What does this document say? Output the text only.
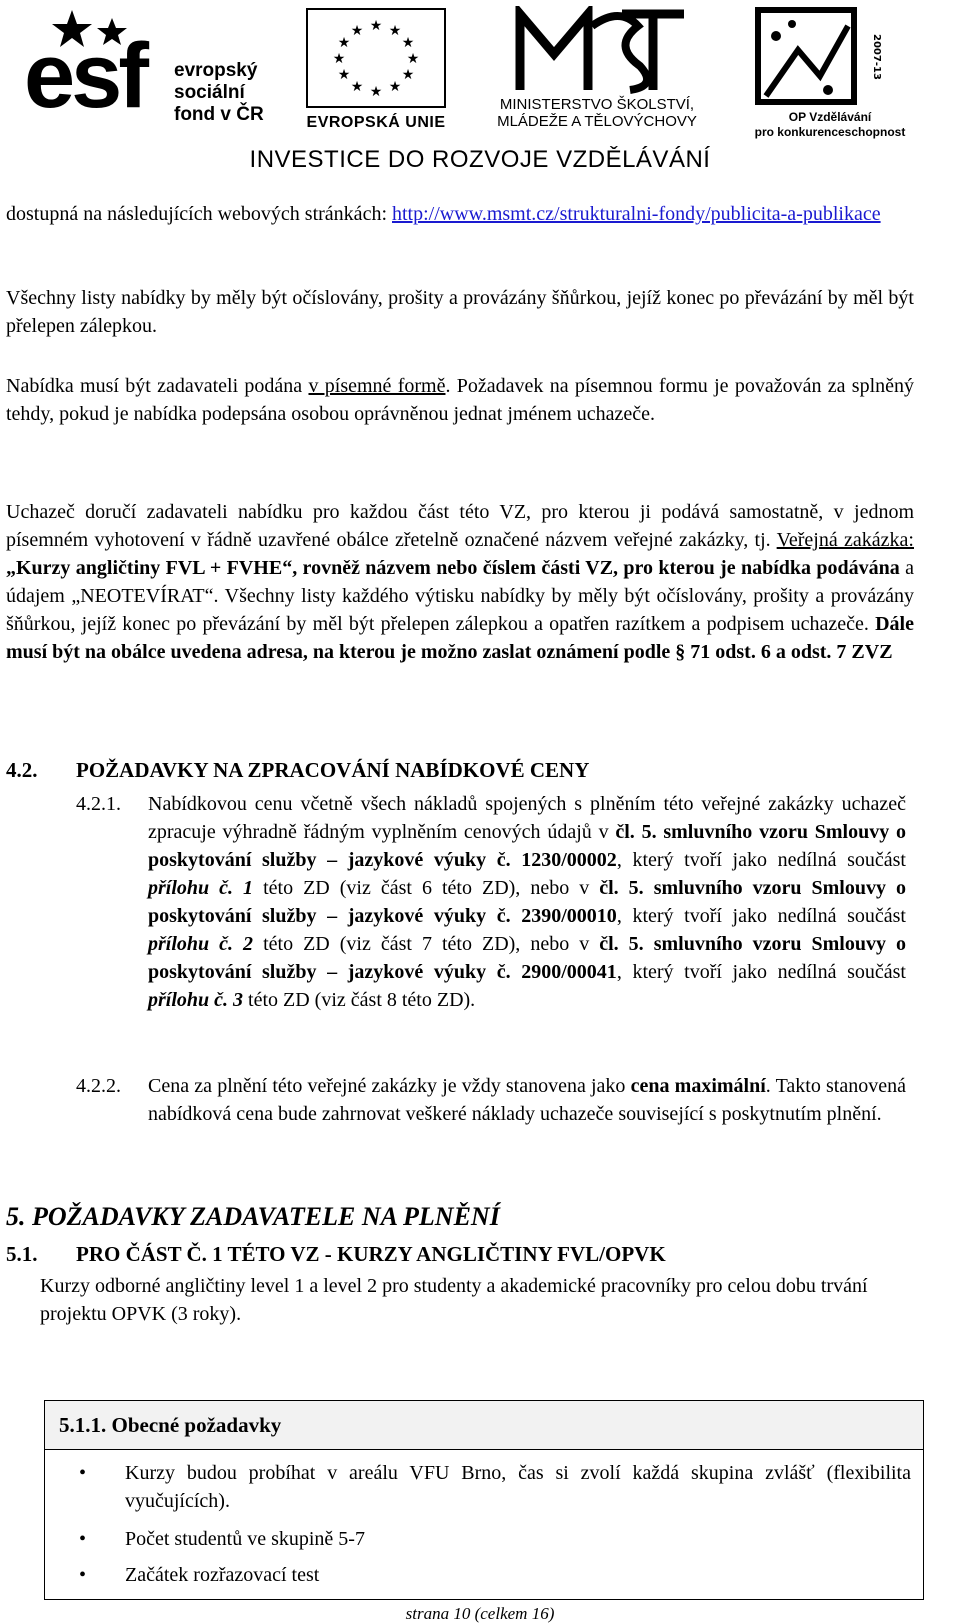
esf evropský
sociální
fond v ČR
★ ★
★
★
★
★
★
★
★
★
★
★
EVROPSKÁ UNIE
MINISTERSTVO ŠKOLSTVÍ,
MLÁDEŽE A TĚLOVÝCHOVY
2007-13
OP Vzdělávání
pro konkurenceschopnost
INVESTICE DO ROZVOJE VZDĚLÁVÁNÍ

dostupná na následujících webových stránkách: http://www.msmt.cz/strukturalni-fondy/publicita-a-publikace

Všechny listy nabídky by měly být očíslovány, prošity a provázány šňůrkou, jejíž konec po převázání by měl být přelepen zálepkou.

Nabídka musí být zadavateli podána v písemné formě. Požadavek na písemnou formu je považován za splněný tehdy, pokud je nabídka podepsána osobou oprávněnou jednat jménem uchazeče.

Uchazeč doručí zadavateli nabídku pro každou část této VZ, pro kterou ji podává samostatně, v jednom písemném vyhotovení v řádně uzavřené obálce zřetelně označené názvem veřejné zakázky, tj. Veřejná zakázka: „Kurzy angličtiny FVL + FVHE“, rovněž názvem nebo číslem části VZ, pro kterou je nabídka podávána a údajem „NEOTEVÍRAT“. Všechny listy každého výtisku nabídky by měly být očíslovány, prošity a provázány šňůrkou, jejíž konec po převázání by měl být přelepen zálepkou a opatřen razítkem a podpisem uchazeče. Dále musí být na obálce uvedena adresa, na kterou je možno zaslat oznámení podle § 71 odst. 6 a odst. 7 ZVZ

4.2. POŽADAVKY NA ZPRACOVÁNÍ NABÍDKOVÉ CENY
4.2.1. Nabídkovou cenu včetně všech nákladů spojených s plněním této veřejné zakázky uchazeč zpracuje výhradně řádným vyplněním cenových údajů v čl. 5. smluvního vzoru Smlouvy o poskytování služby – jazykové výuky č. 1230/00002, který tvoří jako nedílná součást přílohu č. 1 této ZD (viz část 6 této ZD), nebo v čl. 5. smluvního vzoru Smlouvy o poskytování služby – jazykové výuky č. 2390/00010, který tvoří jako nedílná součást přílohu č. 2 této ZD (viz část 7 této ZD), nebo v čl. 5. smluvního vzoru Smlouvy o poskytování služby – jazykové výuky č. 2900/00041, který tvoří jako nedílná součást přílohu č. 3 této ZD (viz část 8 této ZD).

4.2.2. Cena za plnění této veřejné zakázky je vždy stanovena jako cena maximální. Takto stanovená nabídková cena bude zahrnovat veškeré náklady uchazeče související s poskytnutím plnění.

5. POŽADAVKY ZADAVATELE NA PLNĚNÍ
5.1. PRO ČÁST Č. 1 TÉTO VZ - KURZY ANGLIČTINY FVL/OPVK

Kurzy odborné angličtiny level 1 a level 2 pro studenty a akademické pracovníky pro celou dobu trvání projektu OPVK (3 roky).

5.1.1. Obecné požadavky
• Kurzy budou probíhat v areálu VFU Brno, čas si zvolí každá skupina zvlášť (flexibilita vyučujících).
• Počet studentů ve skupině 5-7
• Začátek rozřazovací test
strana 10 (celkem 16)
